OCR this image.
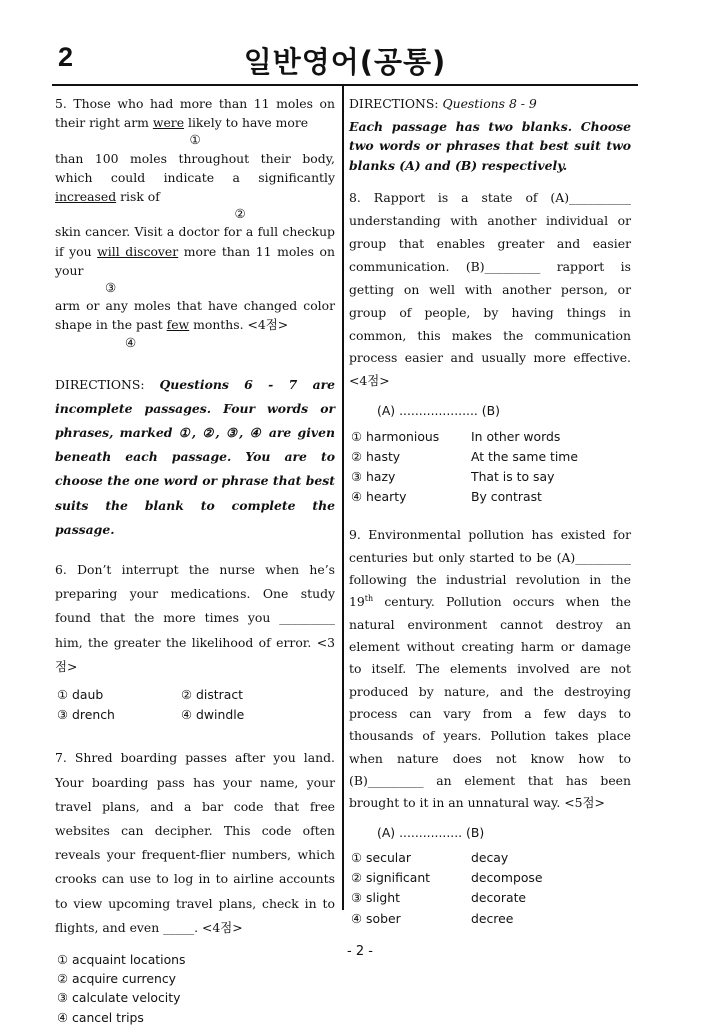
2	일반영어(공통)

5. Those who had more than 11 moles on their right arm were likely to have more

①

than 100 moles throughout their body, which could indicate a significantly increased risk of

②

skin cancer. Visit a doctor for a full checkup if you will discover more than 11 moles on your

③

arm or any moles that have changed color shape in the past few months. <4점>

④

DIRECTIONS: Questions 6 - 7 are incomplete passages. Four words or phrases, marked ①, ②, ③, ④ are given beneath each passage. You are to choose the one word or phrase that best suits the blank to complete the passage.

6. Don’t interrupt the nurse when he’s preparing your medications. One study found that the more times you _________ him, the greater the likelihood of error. <3점>

① daub	② distract
③ drench	④ dwindle

7. Shred boarding passes after you land. Your boarding pass has your name, your travel plans, and a bar code that free websites can decipher. This code often reveals your frequent-flier numbers, which crooks can use to log in to airline accounts to view upcoming travel plans, check in to flights, and even _____. <4점>

① acquaint locations
② acquire currency
③ calculate velocity
④ cancel trips

DIRECTIONS: Questions 8 - 9

Each passage has two blanks. Choose two words or phrases that best suit two blanks (A) and (B) respectively.

8. Rapport is a state of (A)__________ understanding with another individual or group that enables greater and easier communication. (B)_________ rapport is getting on well with another person, or group of people, by having things in common, this makes the communication process easier and usually more effective. <4점>

(A) .................... (B)
① harmonious	In other words
② hasty	At the same time
③ hazy	That is to say
④ hearty	By contrast

9. Environmental pollution has existed for centuries but only started to be (A)_________ following the industrial revolution in the 19th century. Pollution occurs when the natural environment cannot destroy an element without creating harm or damage to itself. The elements involved are not produced by nature, and the destroying process can vary from a few days to thousands of years. Pollution takes place when nature does not know how to (B)_________ an element that has been brought to it in an unnatural way. <5점>

(A) ................ (B)
① secular	decay
② significant	decompose
③ slight	decorate
④ sober	decree
- 2 -
